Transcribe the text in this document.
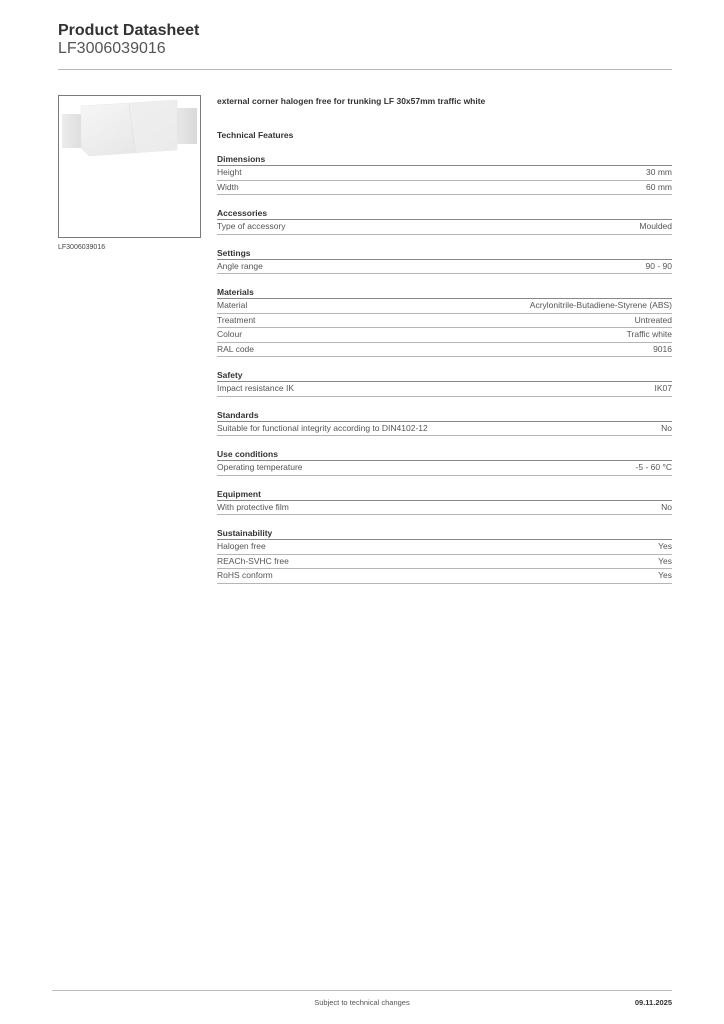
Product Datasheet
LF3006039016
LF3006039016
external corner halogen free for trunking LF 30x57mm traffic white
Technical Features
Dimensions
Height	30 mm
Width	60 mm
Accessories
Type of accessory	Moulded
Settings
Angle range	90 - 90
Materials
Material	Acrylonitrile-Butadiene-Styrene (ABS)
Treatment	Untreated
Colour	Traffic white
RAL code	9016
Safety
Impact resistance IK	IK07
Standards
Suitable for functional integrity according to DIN4102-12	No
Use conditions
Operating temperature	-5 - 60 °C
Equipment
With protective film	No
Sustainability
Halogen free	Yes
REACh-SVHC free	Yes
RoHS conform	Yes
Subject to technical changes	09.11.2025
